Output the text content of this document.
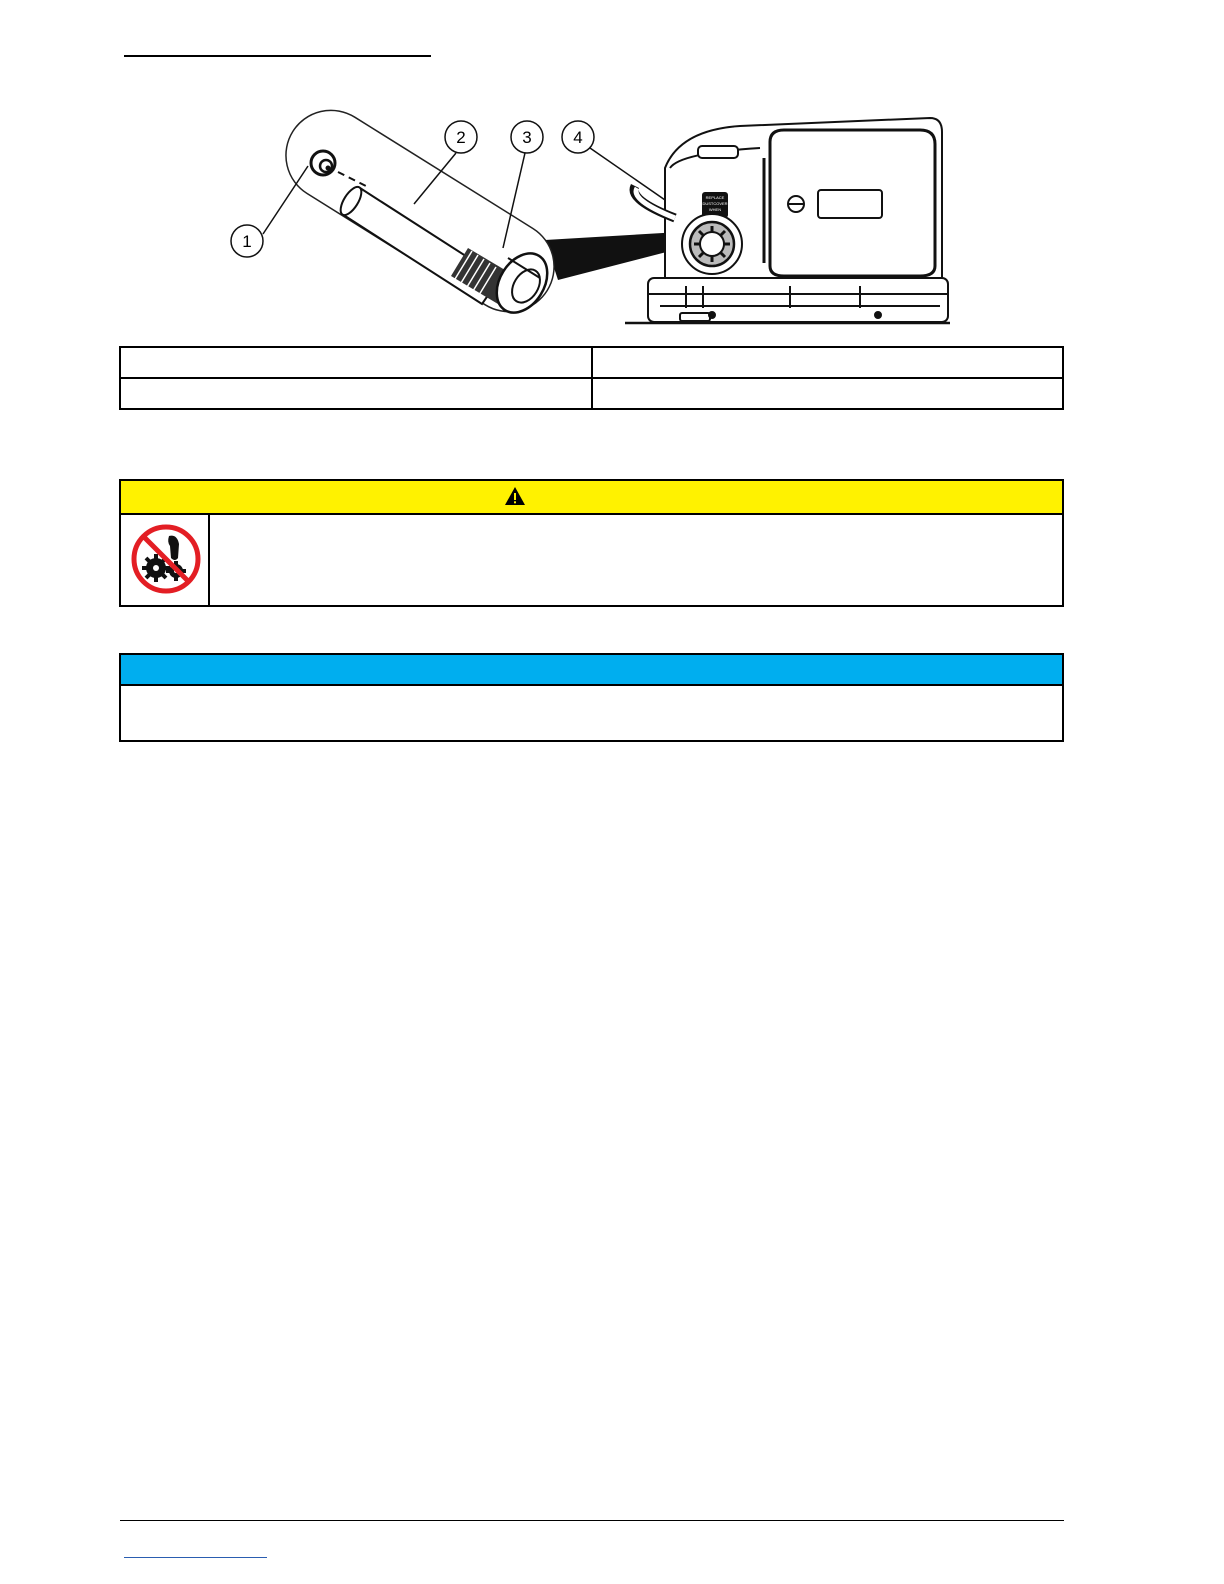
1
2	3 4
REPLACE
DUSTCOVER
WHEN
